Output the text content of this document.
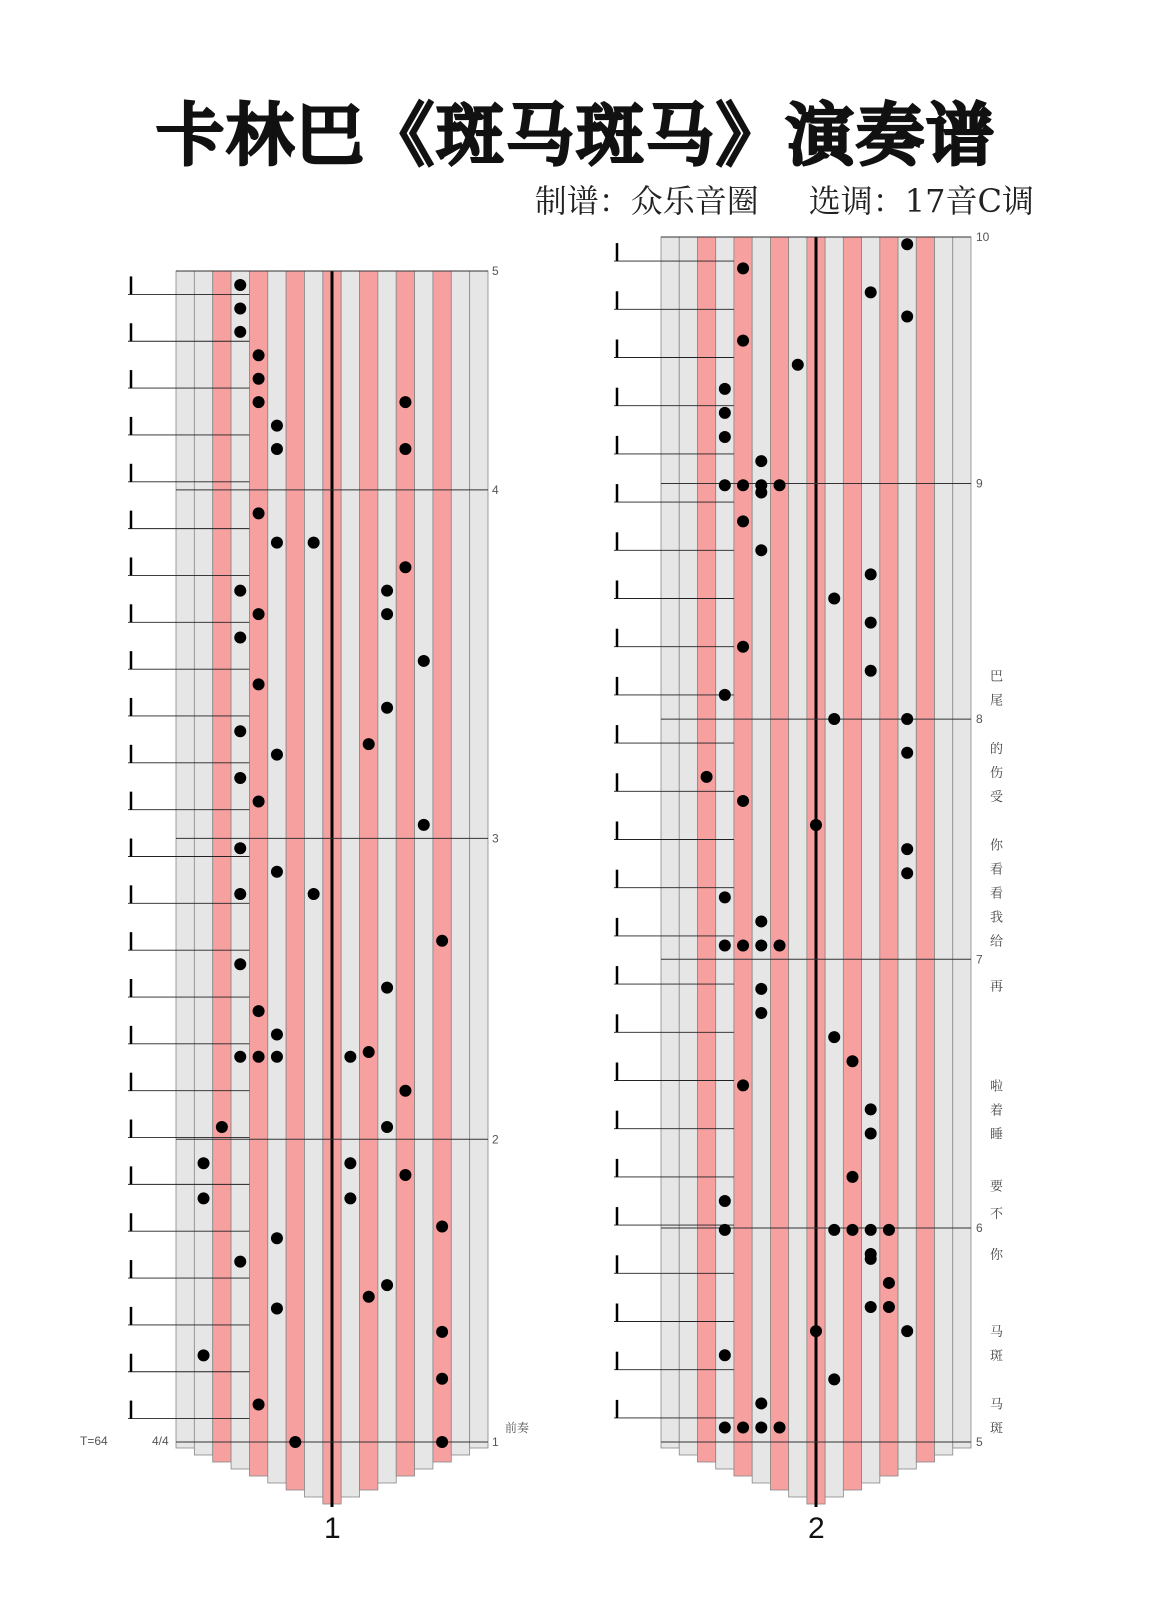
卡林巴《斑马斑马》演奏谱
制谱：众乐音圈 选调：17音C调
1
2
3
4
5
1
5
6
7
8
9
10
2
斑
马
斑
马
你
不
要
睡
着
啦
再
给
我
看
看
你
受
伤
的
尾
巴
T=64	4/4
前奏
